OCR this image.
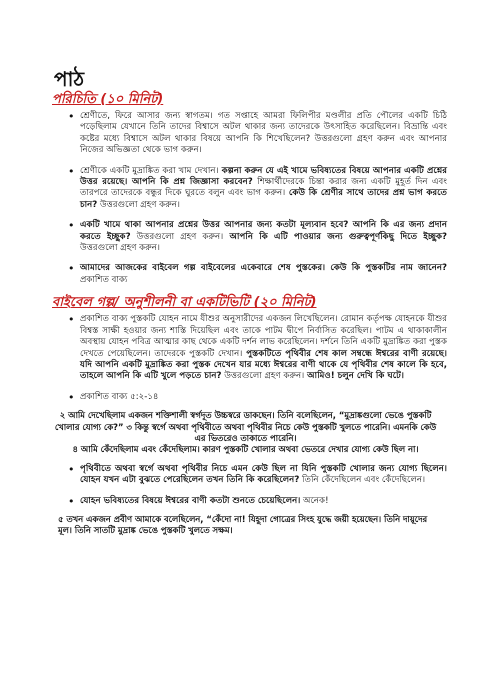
পাঠ
পরিচিতি (১০ মিনিট)
• শ্রেণীতে, ফিরে আসার জন্য স্বাগতম। গত সপ্তাহে আমরা ফিলিপীর মণ্ডলীর প্রতি পৌলের একটি চিঠি পড়েছিলাম যেখানে তিনি তাদের বিশ্বাসে অটল থাকার জন্য তাদেরকে উৎসাহিত করেছিলেন। বিভ্রান্তি এবং কষ্টের মধ্যে বিশ্বাসে অটল থাকার বিষয়ে আপনি কি শিখেছিলেন? উত্তরগুলো গ্রহণ করুন এবং আপনার নিজের অভিজ্ঞতা থেকে ভাগ করুন।
• শ্রেণীকে একটি মুদ্রাঙ্কিত করা খাম দেখান। কল্পনা করুন যে এই খামে ভবিষ্যতের বিষয়ে আপনার একটি প্রশ্নের উত্তর রয়েছে। আপনি কি প্রশ্ন জিজ্ঞাসা করবেন? শিক্ষার্থীদেরকে চিন্তা করার জন্য একটি মুহূর্ত দিন এবং তারপরে তাদেরকে বন্ধুর দিকে ঘুরতে বলুন এবং ভাগ করুন। কেউ কি শ্রেণীর সাথে তাদের প্রশ্ন ভাগ করতে চান? উত্তরগুলো গ্রহণ করুন।
• একটি খামে থাকা আপনার প্রশ্নের উত্তর আপনার জন্য কতটা মূল্যবান হবে? আপনি কি এর জন্য প্রদান করতে ইচ্ছুক? উত্তরগুলো গ্রহণ করুন। আপনি কি এটি পাওয়ার জন্য গুরুত্বপূর্ণকিছু দিতে ইচ্ছুক? উত্তরগুলো গ্রহণ করুন।
• আমাদের আজকের বাইবেল গল্প বাইবেলের একেবারে শেষ পুস্তকের। কেউ কি পুস্তকটির নাম জানেন? প্রকাশিত বাক্য
বাইবেল গল্প/ অনুশীলনী বা একটিভিটি (২০ মিনিট)
• প্রকাশিত বাক্য পুস্তকটি যোহন নামে যীশুর অনুসারীদের একজন লিখেছিলেন। রোমান কর্তৃপক্ষ যোহনকে যীশুর বিশ্বস্ত সাক্ষী হওয়ার জন্য শাস্তি দিয়েছিল এবং তাকে পাটম দ্বীপে নির্বাসিত করেছিল। পাটম এ থাকাকালীন অবস্থায় যোহন পবিত্র আত্মার কাছ থেকে একটি দর্শন লাভ করেছিলেন। দর্শনে তিনি একটি মুদ্রাঙ্কিত করা পুস্তক দেখতে পেয়েছিলেন। তাদেরকে পুস্তকটি দেখান। পুস্তকটিতে পৃথিবীর শেষ কাল সম্বন্ধে ঈশ্বরের বাণী রয়েছে। যদি আপনি একটি মুদ্রাঙ্কিত করা পুস্তক দেখেন যার মধ্যে ঈশ্বরের বাণী থাকে যে পৃথিবীর শেষ কালে কি হবে, তাহলে আপনি কি এটি খুলে পড়তে চান? উত্তরগুলো গ্রহণ করুন। আমিও! চলুন দেখি কি ঘটে।
• প্রকাশিত বাক্য ৫:২-১৪
২ আমি দেখেছিলাম একজন শক্তিশালী স্বর্গদূত উচ্চস্বরে ডাকছেন। তিনি বলেছিলেন, “মুদ্রাঙ্কগুলো ভেঙে পুস্তকটি খোলার যোগ্য কে?” ৩ কিন্তু স্বর্গে অথবা পৃথিবীতে অথবা পৃথিবীর নিচে কেউ পুস্তকটি খুলতে পারেনি। এমনকি কেউ এর ভিতরেও তাকাতে পারেনি।
৪ আমি কেঁদেছিলাম এবং কেঁদেছিলাম। কারণ পুস্তকটি খোলার অথবা ভেতরে দেখার যোগ্য কেউ ছিল না।
• পৃথিবীতে অথবা স্বর্গে অথবা পৃথিবীর নিচে এমন কেউ ছিল না যিনি পুস্তকটি খোলার জন্য যোগ্য ছিলেন। যোহন যখন এটা বুঝতে পেরেছিলেন তখন তিনি কি করেছিলেন? তিনি কেঁদেছিলেন এবং কেঁদেছিলেন।
• যোহন ভবিষ্যতের বিষয়ে ঈশ্বরের বাণী কতটা শুনতে চেয়েছিলেন। অনেক!
৫ তখন একজন প্রবীণ আমাকে বলেছিলেন, “কেঁদো না! যিহূদা গোত্রের সিংহ যুদ্ধে জয়ী হয়েছেন। তিনি দায়ূদের মূল। তিনি সাতটি মুদ্রাঙ্ক ভেঙে পুস্তকটি খুলতে সক্ষম।
